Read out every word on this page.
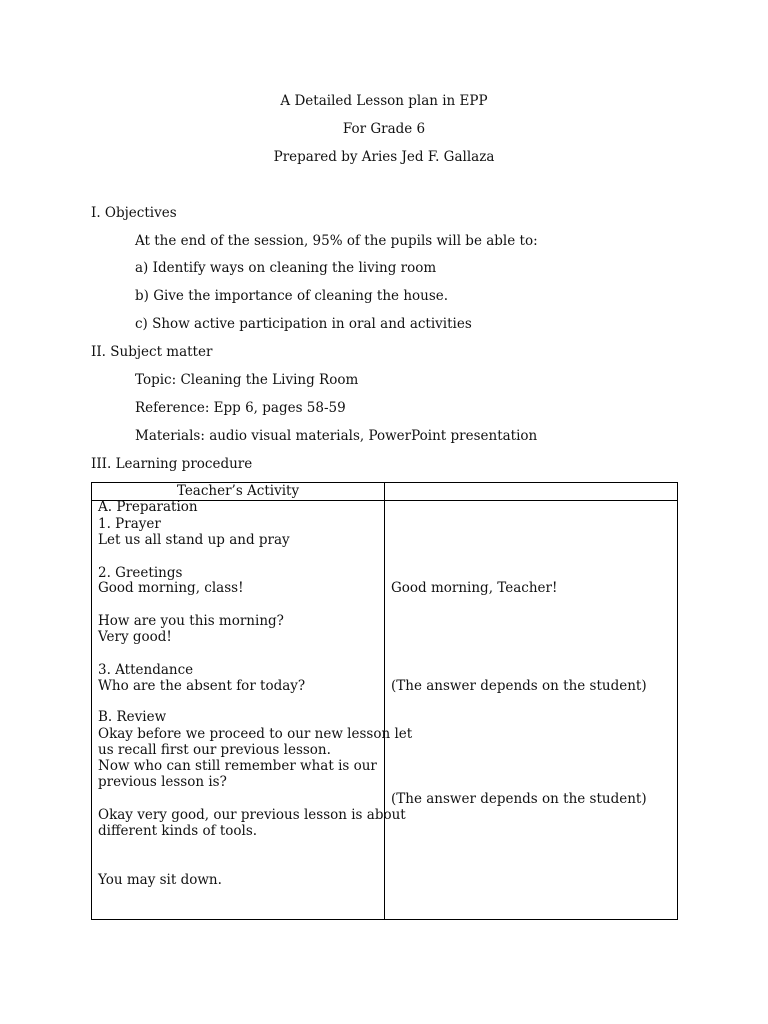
A Detailed Lesson plan in EPP
For Grade 6
Prepared by Aries Jed F. Gallaza
I. Objectives
At the end of the session, 95% of the pupils will be able to:
a) Identify ways on cleaning the living room
b) Give the importance of cleaning the house.
c) Show active participation in oral and activities
II. Subject matter
Topic: Cleaning the Living Room
Reference: Epp 6, pages 58-59
Materials: audio visual materials, PowerPoint presentation
III. Learning procedure
Teacher’s Activity
A. Preparation
1. Prayer
Let us all stand up and pray
2. Greetings
Good morning, class!
How are you this morning?
Very good!
3. Attendance
Who are the absent for today?
B. Review
Okay before we proceed to our new lesson let
us recall first our previous lesson.
Now who can still remember what is our
previous lesson is?
Okay very good, our previous lesson is about
different kinds of tools.
You may sit down.
Good morning, Teacher!
(The answer depends on the student)
(The answer depends on the student)
